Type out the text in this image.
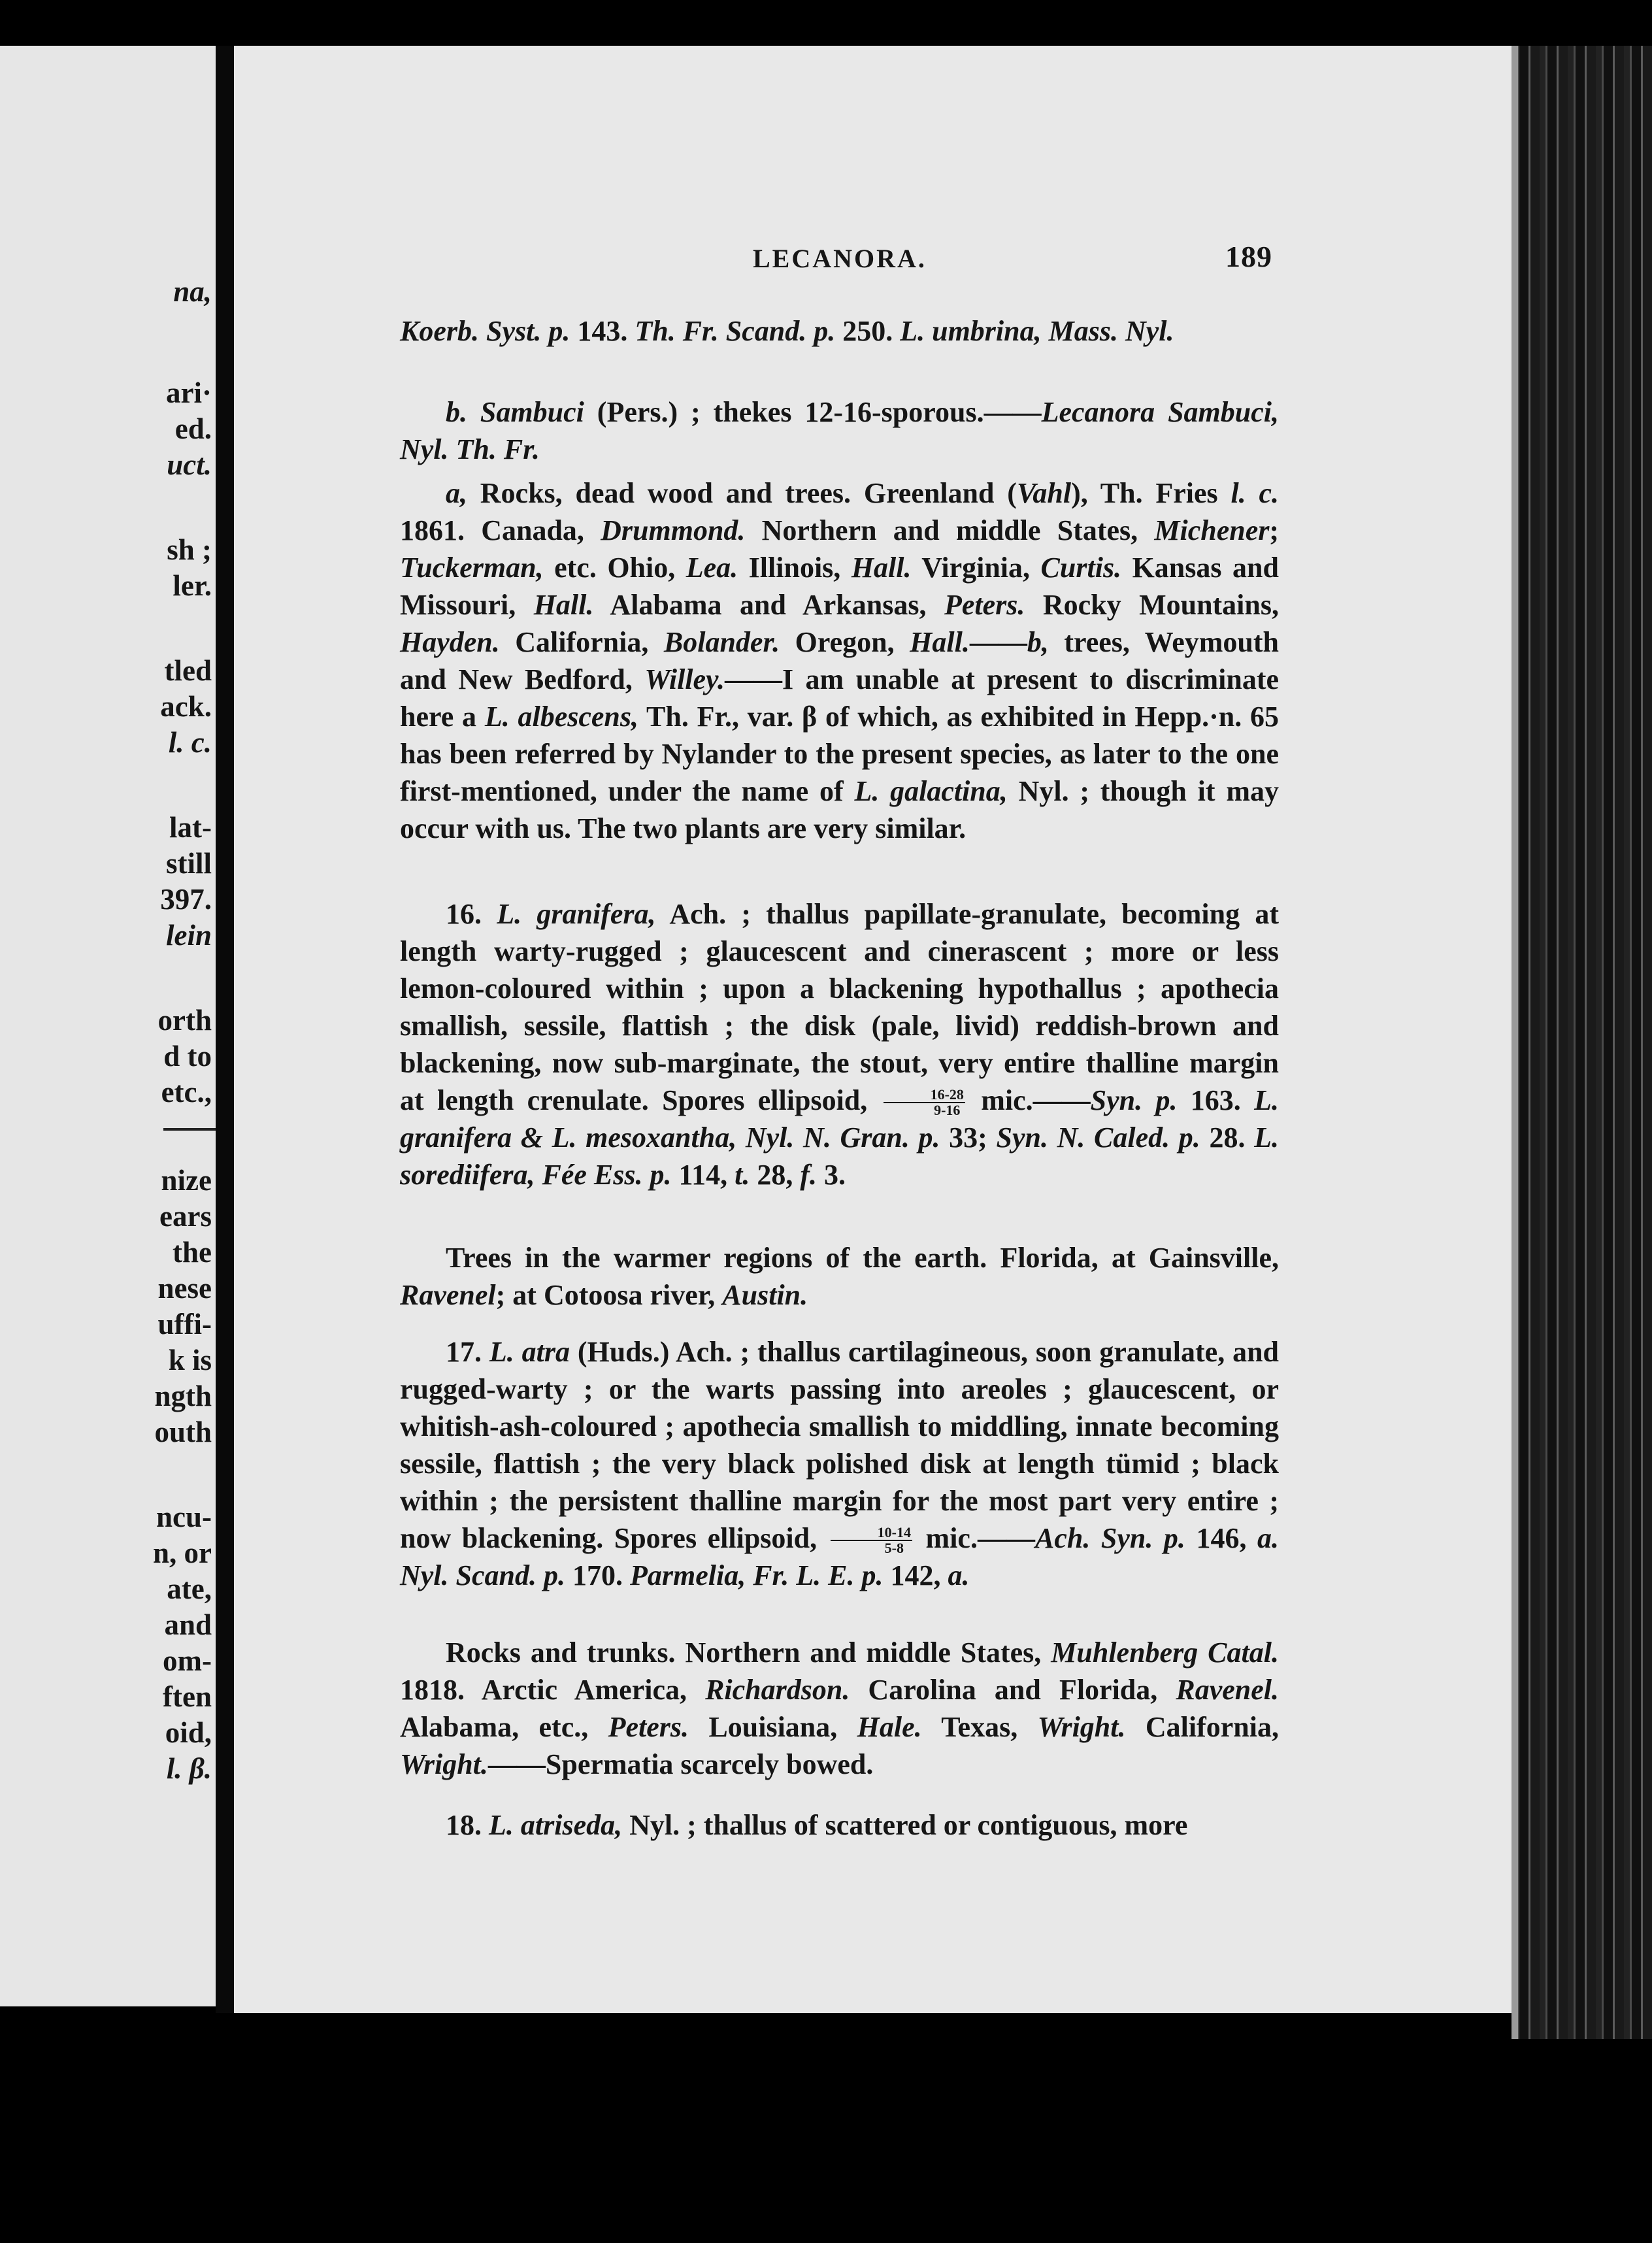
na,
ari·
ed.
uct.
sh ;
ler.
tled
ack.
l. c.
lat-
still
397.
lein
orth
d to
etc.,
nize
ears
the
nese
uffi-
k is
ngth
outh
ncu-
n, or
ate,
and
om-
ften
oid,
l. β.
LECANORA.	189
Koerb. Syst. p. 143. Th. Fr. Scand. p. 250. L. umbrina, Mass. Nyl.
b. Sambuci (Pers.) ; thekes 12-16-sporous.——Lecanora Sambuci, Nyl. Th. Fr.
a, Rocks, dead wood and trees. Greenland (Vahl), Th. Fries l. c. 1861. Canada, Drummond. Northern and middle States, Michener; Tuckerman, etc. Ohio, Lea. Illinois, Hall. Virginia, Curtis. Kansas and Missouri, Hall. Alabama and Arkansas, Peters. Rocky Mountains, Hayden. California, Bolander. Oregon, Hall.——b, trees, Weymouth and New Bedford, Willey.——I am unable at present to discriminate here a L. albescens, Th. Fr., var. β of which, as exhibited in Hepp.·n. 65 has been referred by Nylander to the present species, as later to the one first-mentioned, under the name of L. galactina, Nyl. ; though it may occur with us. The two plants are very similar.
16. L. granifera, Ach. ; thallus papillate-granulate, becoming at length warty-rugged ; glaucescent and cinerascent ; more or less lemon-coloured within ; upon a blackening hypothallus ; apothecia smallish, sessile, flattish ; the disk (pale, livid) reddish-brown and blackening, now sub-marginate, the stout, very entire thalline margin at length crenulate. Spores ellipsoid, $\frac{16-28}{9-16}$ mic.——Syn. p. 163. L. granifera & L. mesoxantha, Nyl. N. Gran. p. 33; Syn. N. Caled. p. 28. L. sorediifera, Fée Ess. p. 114, t. 28, f. 3.
Trees in the warmer regions of the earth. Florida, at Gainsville, Ravenel; at Cotoosa river, Austin.
17. L. atra (Huds.) Ach. ; thallus cartilagineous, soon granulate, and rugged-warty ; or the warts passing into areoles ; glaucescent, or whitish-ash-coloured ; apothecia smallish to middling, innate becoming sessile, flattish ; the very black polished disk at length tümid ; black within ; the persistent thalline margin for the most part very entire ; now blackening. Spores ellipsoid, $\frac{10-14}{5-8}$ mic.——Ach. Syn. p. 146, a. Nyl. Scand. p. 170. Parmelia, Fr. L. E. p. 142, a.
Rocks and trunks. Northern and middle States, Muhlenberg Catal. 1818. Arctic America, Richardson. Carolina and Florida, Ravenel. Alabama, etc., Peters. Louisiana, Hale. Texas, Wright. California, Wright.——Spermatia scarcely bowed.
18. L. atriseda, Nyl. ; thallus of scattered or contiguous, more
